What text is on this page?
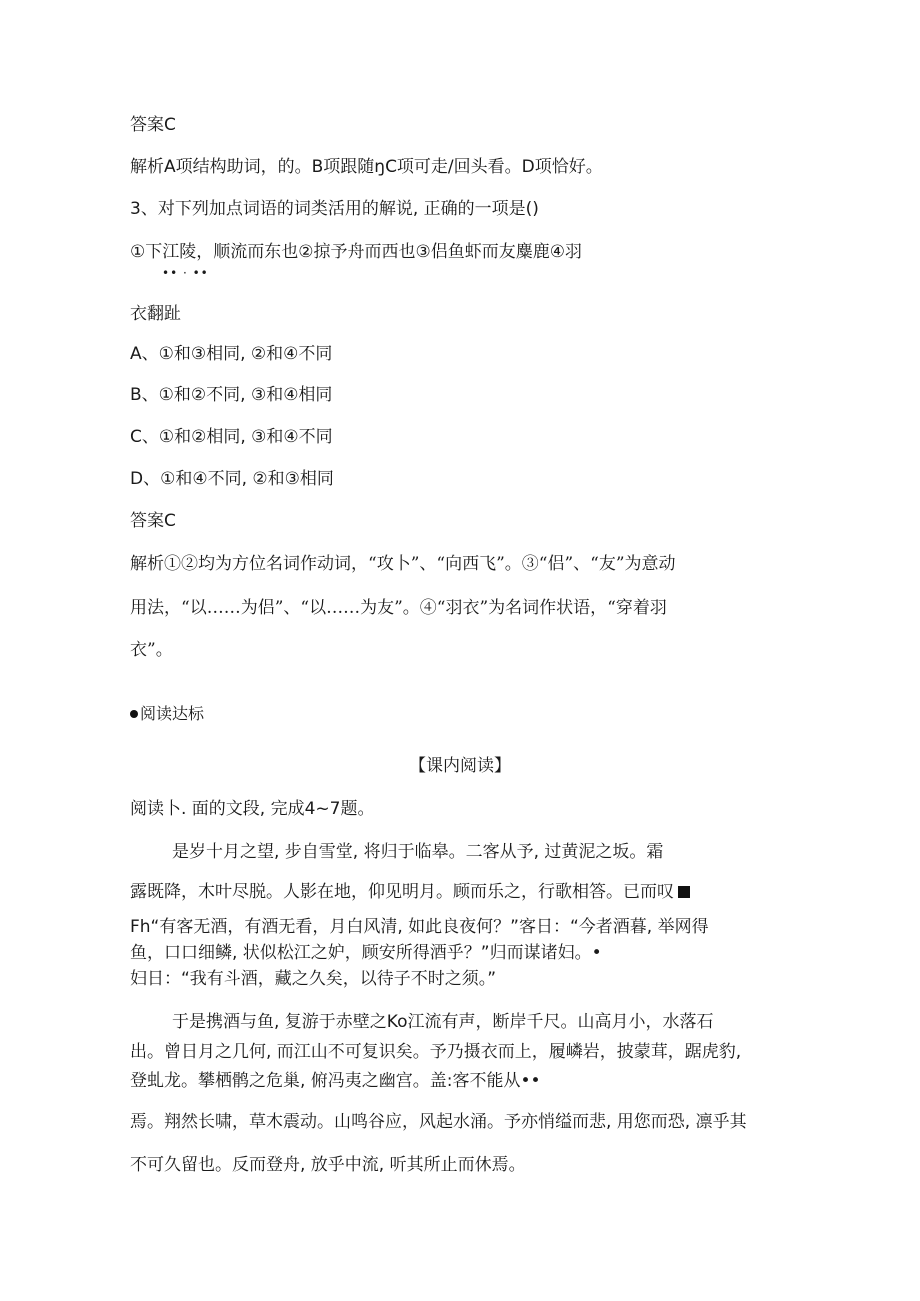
答案C
解析A项结构助词，的。B项跟随ŋC项可走/回头看。D项恰好。
3、对下列加点词语的词类活用的解说, 正确的一项是()
①下江陵，顺流而东也②掠予舟而西也③侣鱼虾而友麋鹿④羽
•• · ••
衣翻趾
A、①和③相同, ②和④不同
B、①和②不同, ③和④相同
C、①和②相同, ③和④不同
D、①和④不同, ②和③相同
答案C
解析①②均为方位名词作动词，“攻卜”、“向西飞”。③“侣”、“友”为意动
用法，“以……为侣”、“以……为友”。④“羽衣”为名词作状语，“穿着羽
衣”。
阅读达标
【课内阅读】
阅读卜. 面的文段, 完成4~7题。
是岁十月之望, 步自雪堂, 将归于临皋。二客从予, 过黄泥之坂。霜
露既降，木叶尽脱。人影在地，仰见明月。顾而乐之，行歌相答。已而叹
Fh“有客无酒，有酒无看，月白风清, 如此良夜何？”客日：“今者酒暮, 举网得
鱼，口口细鳞, 状似松江之妒，顾安所得酒乎？”归而谋诸妇。•
妇日：“我有斗酒，藏之久矣，以待子不时之须。”
于是携酒与鱼, 复游于赤壁之Ko江流有声，断岸千尺。山高月小，水落石
出。曾日月之几何, 而江山不可复识矣。予乃摄衣而上，履嶙岩，披蒙茸，踞虎豹,
登虬龙。攀栖鹘之危巢, 俯冯夷之幽宫。盖:客不能从••
焉。翔然长啸，草木震动。山鸣谷应，风起水涌。予亦悄缢而悲, 用您而恐, 凛乎其
不可久留也。反而登舟, 放乎中流, 听其所止而休焉。
